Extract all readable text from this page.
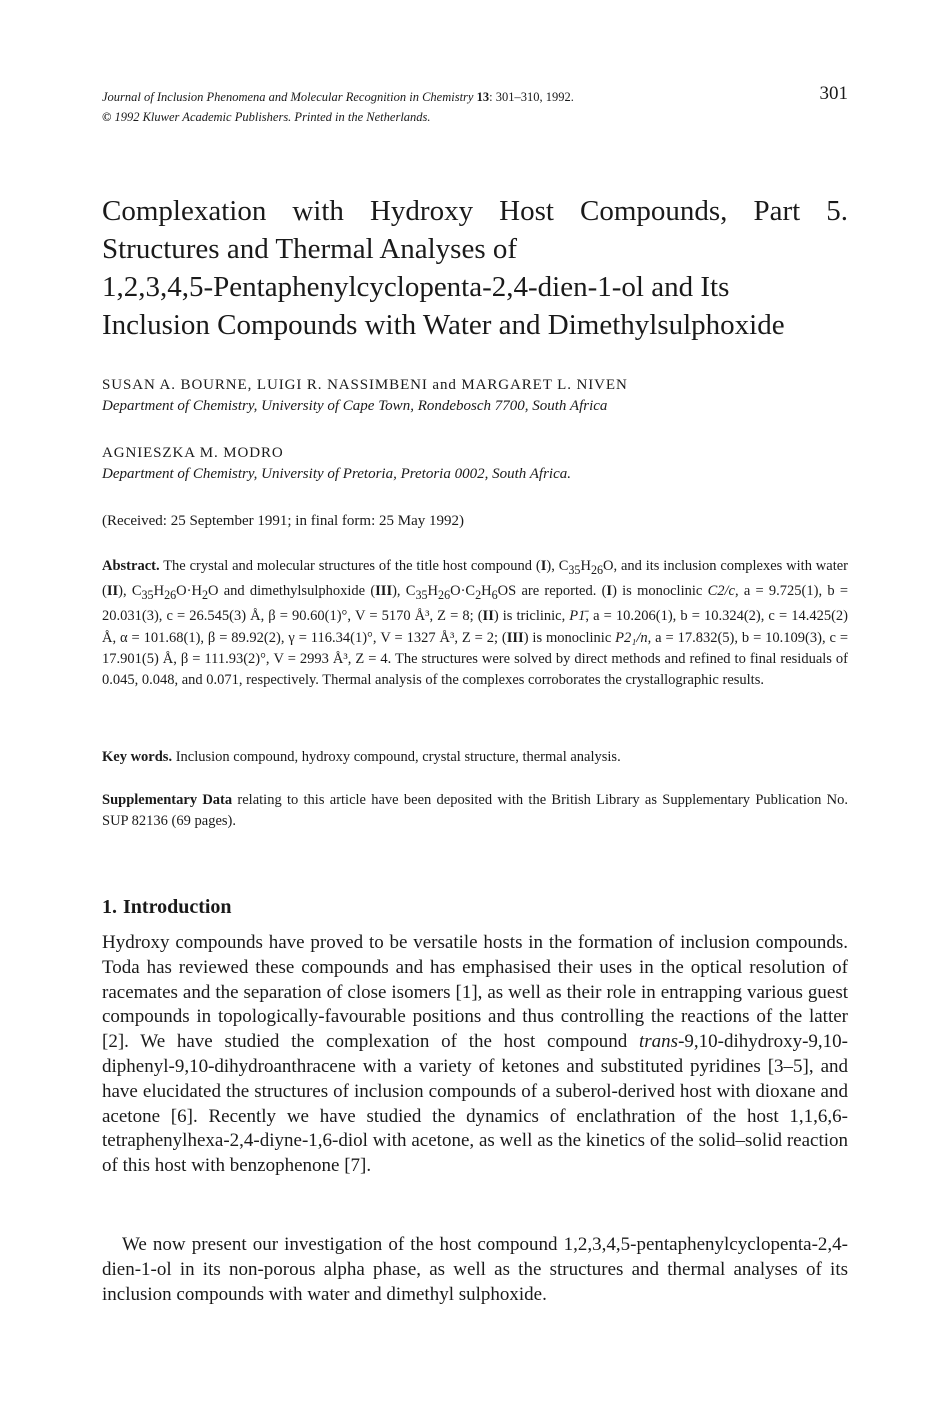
Journal of Inclusion Phenomena and Molecular Recognition in Chemistry 13: 301–310, 1992.
© 1992 Kluwer Academic Publishers. Printed in the Netherlands.
301
Complexation with Hydroxy Host Compounds, Part 5.
Structures and Thermal Analyses of
1,2,3,4,5-Pentaphenylcyclopenta-2,4-dien-1-ol and Its
Inclusion Compounds with Water and Dimethylsulphoxide
SUSAN A. BOURNE, LUIGI R. NASSIMBENI and MARGARET L. NIVEN
Department of Chemistry, University of Cape Town, Rondebosch 7700, South Africa
AGNIESZKA M. MODRO
Department of Chemistry, University of Pretoria, Pretoria 0002, South Africa.
(Received: 25 September 1991; in final form: 25 May 1992)
Abstract. The crystal and molecular structures of the title host compound (I), $C_{35}H_{26}O$, and its inclusion complexes with water (II), $C_{35}H_{26}O\cdot H_2O$ and dimethylsulphoxide (III), $C_{35}H_{26}O\cdot C_2H_6OS$ are reported. (I) is monoclinic C2/c, a = 9.725(1), b = 20.031(3), c = 26.545(3) Å, β = 90.60(1)°, V = 5170 Å³, Z = 8; (II) is triclinic, P1̄, a = 10.206(1), b = 10.324(2), c = 14.425(2) Å, α = 101.68(1), β = 89.92(2), γ = 116.34(1)°, V = 1327 Å³, Z = 2; (III) is monoclinic P2₁/n, a = 17.832(5), b = 10.109(3), c = 17.901(5) Å, β = 111.93(2)°, V = 2993 Å³, Z = 4. The structures were solved by direct methods and refined to final residuals of 0.045, 0.048, and 0.071, respectively. Thermal analysis of the complexes corroborates the crystallographic results.
Key words. Inclusion compound, hydroxy compound, crystal structure, thermal analysis.
Supplementary Data relating to this article have been deposited with the British Library as Supplementary Publication No. SUP 82136 (69 pages).
1. Introduction

Hydroxy compounds have proved to be versatile hosts in the formation of inclusion compounds. Toda has reviewed these compounds and has emphasised their uses in the optical resolution of racemates and the separation of close isomers [1], as well as their role in entrapping various guest compounds in topologically-favourable positions and thus controlling the reactions of the latter [2]. We have studied the complexation of the host compound trans-9,10-dihydroxy-9,10-diphenyl-9,10-dihydroanthracene with a variety of ketones and substituted pyridines [3–5], and have elucidated the structures of inclusion compounds of a suberol-derived host with dioxane and acetone [6]. Recently we have studied the dynamics of enclathration of the host 1,1,6,6-tetraphenylhexa-2,4-diyne-1,6-diol with acetone, as well as the kinetics of the solid–solid reaction of this host with benzophenone [7].

We now present our investigation of the host compound 1,2,3,4,5-pentaphenylcyclopenta-2,4-dien-1-ol in its non-porous alpha phase, as well as the structures and thermal analyses of its inclusion compounds with water and dimethyl sulphoxide.
